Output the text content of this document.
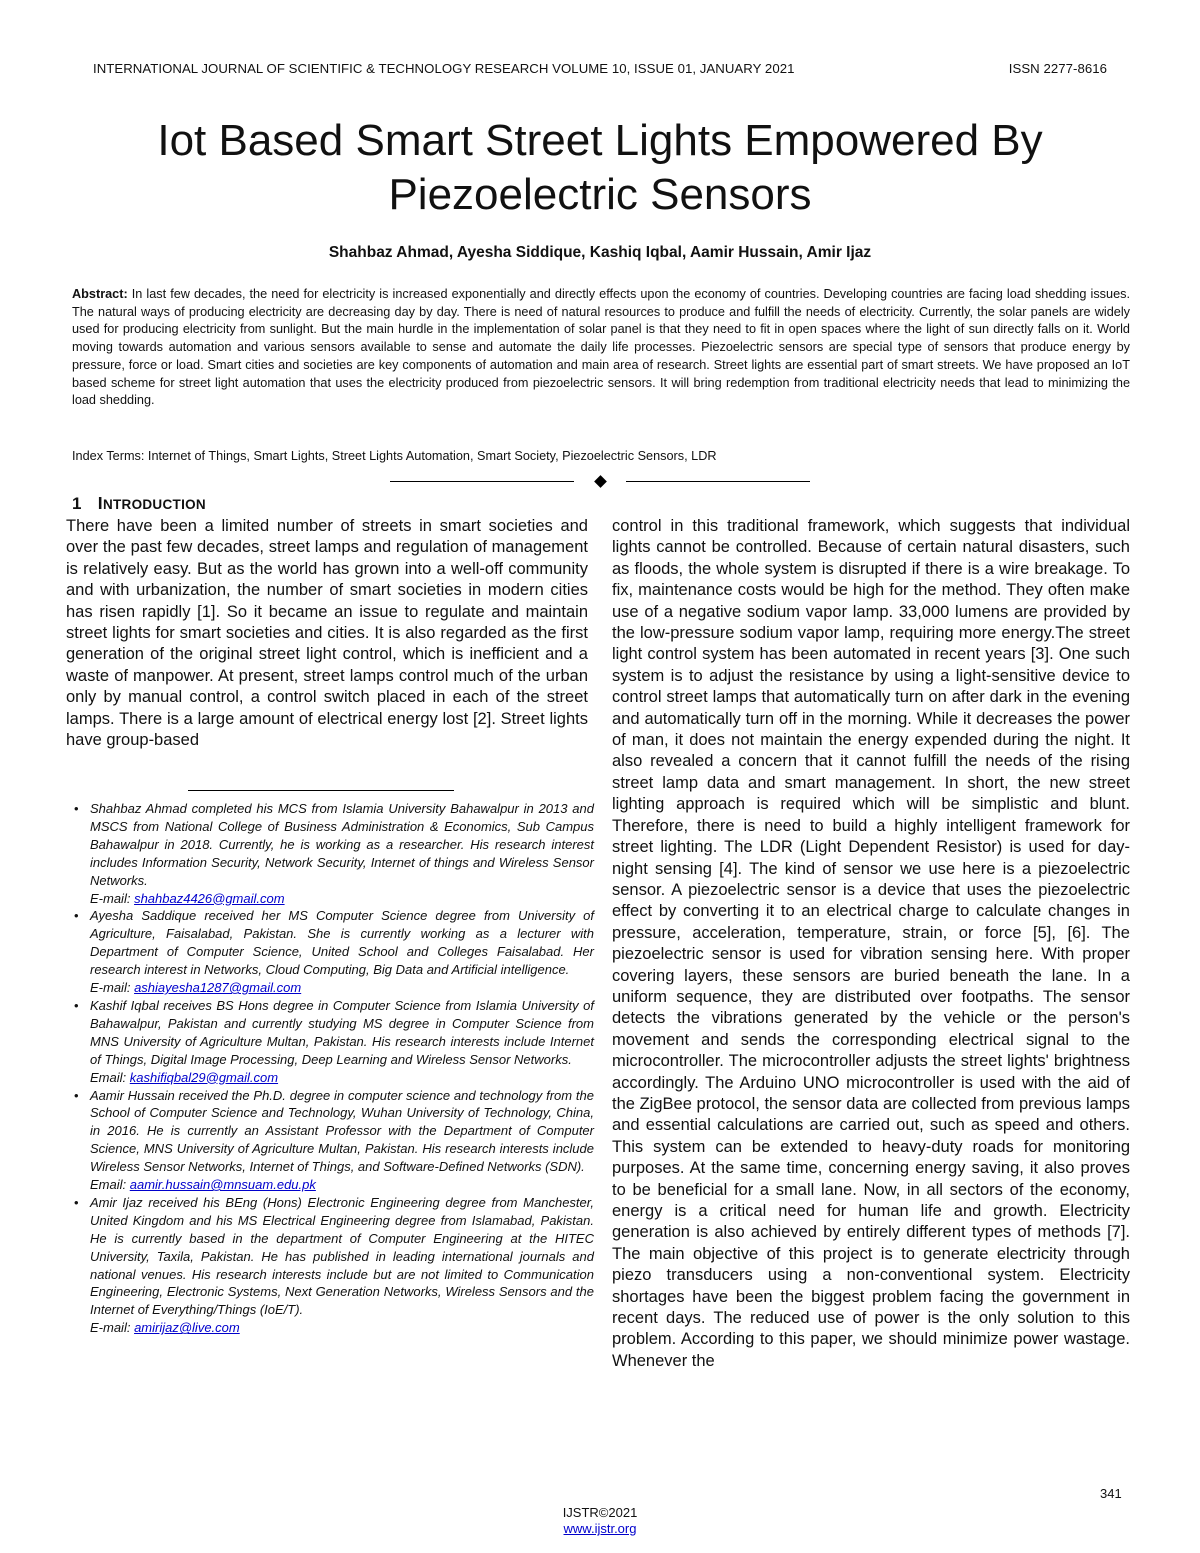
INTERNATIONAL JOURNAL OF SCIENTIFIC & TECHNOLOGY RESEARCH VOLUME 10, ISSUE 01, JANUARY 2021	ISSN 2277-8616
Iot Based Smart Street Lights Empowered By
Piezoelectric Sensors
Shahbaz Ahmad, Ayesha Siddique, Kashiq Iqbal, Aamir Hussain, Amir Ijaz
Abstract: In last few decades, the need for electricity is increased exponentially and directly effects upon the economy of countries. Developing countries are facing load shedding issues. The natural ways of producing electricity are decreasing day by day. There is need of natural resources to produce and fulfill the needs of electricity. Currently, the solar panels are widely used for producing electricity from sunlight. But the main hurdle in the implementation of solar panel is that they need to fit in open spaces where the light of sun directly falls on it. World moving towards automation and various sensors available to sense and automate the daily life processes. Piezoelectric sensors are special type of sensors that produce energy by pressure, force or load. Smart cities and societies are key components of automation and main area of research. Street lights are essential part of smart streets. We have proposed an IoT based scheme for street light automation that uses the electricity produced from piezoelectric sensors. It will bring redemption from traditional electricity needs that lead to minimizing the load shedding.
Index Terms: Internet of Things, Smart Lights, Street Lights Automation, Smart Society, Piezoelectric Sensors, LDR
1 INTRODUCTION

There have been a limited number of streets in smart societies and over the past few decades, street lamps and regulation of management is relatively easy. But as the world has grown into a well-off community and with urbanization, the number of smart societies in modern cities has risen rapidly [1]. So it became an issue to regulate and maintain street lights for smart societies and cities. It is also regarded as the first generation of the original street light control, which is inefficient and a waste of manpower. At present, street lamps control much of the urban only by manual control, a control switch placed in each of the street lamps. There is a large amount of electrical energy lost [2]. Street lights have group-based

• Shahbaz Ahmad completed his MCS from Islamia University Bahawalpur in 2013 and MSCS from National College of Business Administration & Economics, Sub Campus Bahawalpur in 2018. Currently, he is working as a researcher. His research interest includes Information Security, Network Security, Internet of things and Wireless Sensor Networks.
E-mail: shahbaz4426@gmail.com
• Ayesha Saddique received her MS Computer Science degree from University of Agriculture, Faisalabad, Pakistan. She is currently working as a lecturer with Department of Computer Science, United School and Colleges Faisalabad. Her research interest in Networks, Cloud Computing, Big Data and Artificial intelligence.
E-mail: ashiayesha1287@gmail.com
• Kashif Iqbal receives BS Hons degree in Computer Science from Islamia University of Bahawalpur, Pakistan and currently studying MS degree in Computer Science from MNS University of Agriculture Multan, Pakistan. His research interests include Internet of Things, Digital Image Processing, Deep Learning and Wireless Sensor Networks.
Email: kashifiqbal29@gmail.com
• Aamir Hussain received the Ph.D. degree in computer science and technology from the School of Computer Science and Technology, Wuhan University of Technology, China, in 2016. He is currently an Assistant Professor with the Department of Computer Science, MNS University of Agriculture Multan, Pakistan. His research interests include Wireless Sensor Networks, Internet of Things, and Software-Defined Networks (SDN).
Email: aamir.hussain@mnsuam.edu.pk
• Amir Ijaz received his BEng (Hons) Electronic Engineering degree from Manchester, United Kingdom and his MS Electrical Engineering degree from Islamabad, Pakistan. He is currently based in the department of Computer Engineering at the HITEC University, Taxila, Pakistan. He has published in leading international journals and national venues. His research interests include but are not limited to Communication Engineering, Electronic Systems, Next Generation Networks, Wireless Sensors and the Internet of Everything/Things (IoE/T).
E-mail: amirijaz@live.com

control in this traditional framework, which suggests that individual lights cannot be controlled. Because of certain natural disasters, such as floods, the whole system is disrupted if there is a wire breakage. To fix, maintenance costs would be high for the method. They often make use of a negative sodium vapor lamp. 33,000 lumens are provided by the low-pressure sodium vapor lamp, requiring more energy.The street light control system has been automated in recent years [3]. One such system is to adjust the resistance by using a light-sensitive device to control street lamps that automatically turn on after dark in the evening and automatically turn off in the morning. While it decreases the power of man, it does not maintain the energy expended during the night. It also revealed a concern that it cannot fulfill the needs of the rising street lamp data and smart management. In short, the new street lighting approach is required which will be simplistic and blunt. Therefore, there is need to build a highly intelligent framework for street lighting. The LDR (Light Dependent Resistor) is used for day-night sensing [4]. The kind of sensor we use here is a piezoelectric sensor. A piezoelectric sensor is a device that uses the piezoelectric effect by converting it to an electrical charge to calculate changes in pressure, acceleration, temperature, strain, or force [5], [6]. The piezoelectric sensor is used for vibration sensing here. With proper covering layers, these sensors are buried beneath the lane. In a uniform sequence, they are distributed over footpaths. The sensor detects the vibrations generated by the vehicle or the person's movement and sends the corresponding electrical signal to the microcontroller. The microcontroller adjusts the street lights' brightness accordingly. The Arduino UNO microcontroller is used with the aid of the ZigBee protocol, the sensor data are collected from previous lamps and essential calculations are carried out, such as speed and others. This system can be extended to heavy-duty roads for monitoring purposes. At the same time, concerning energy saving, it also proves to be beneficial for a small lane. Now, in all sectors of the economy, energy is a critical need for human life and growth. Electricity generation is also achieved by entirely different types of methods [7]. The main objective of this project is to generate electricity through piezo transducers using a non-conventional system. Electricity shortages have been the biggest problem facing the government in recent days. The reduced use of power is the only solution to this problem. According to this paper, we should minimize power wastage. Whenever the

341
IJSTR©2021
www.ijstr.org
